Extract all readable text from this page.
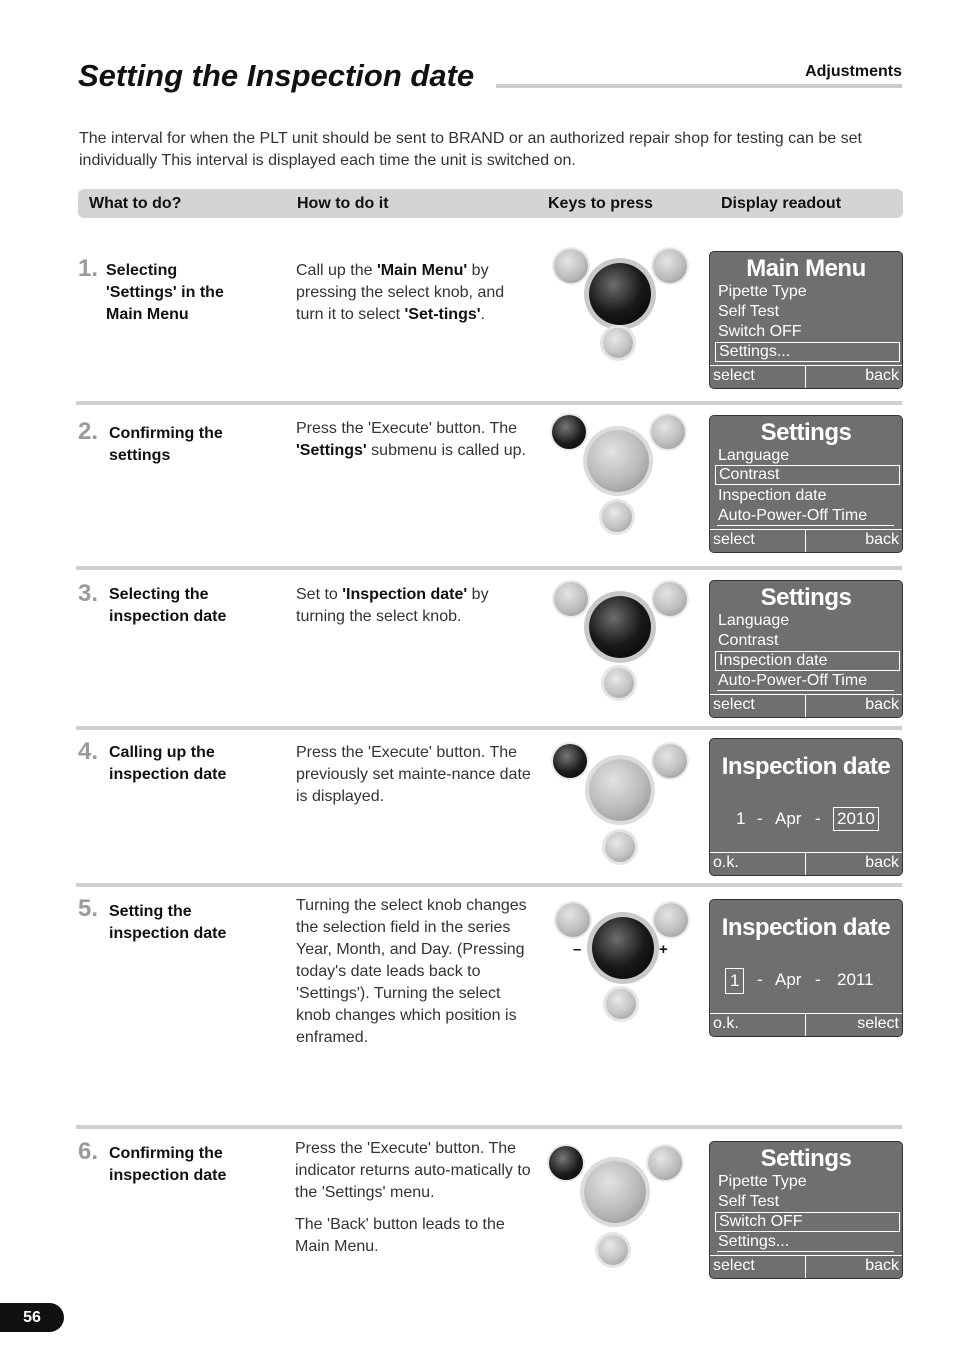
Setting the Inspection date	Adjustments
The interval for when the PLT unit should be sent to BRAND or an authorized repair shop for testing can be set individually This interval is displayed each time the unit is switched on.
What to do?	How to do it	Keys to press	Display readout
1. Selecting
'Settings' in the
Main Menu
Call up the 'Main Menu' by pressing the select knob, and turn it to select 'Set-tings'.
Main Menu
Pipette Type
Self Test
Switch OFF
Settings...
select	back
2. Confirming the
settings
Press the 'Execute' button. The 'Settings' submenu is called up.
Settings
Language
Contrast
Inspection date
Auto-Power-Off Time
select	back
3. Selecting the
inspection date
Set to 'Inspection date' by turning the select knob.
Settings
Language
Contrast
Inspection date
Auto-Power-Off Time
select	back
4. Calling up the
inspection date
Press the 'Execute' button. The previously set mainte-nance date is displayed.
Inspection date
1 - Apr - 2010
o.k.	back
5. Setting the
inspection date
Turning the select knob changes the selection field in the series Year, Month, and Day. (Pressing today's date leads back to 'Settings'). Turning the select knob changes which position is enframed.
–	+
Inspection date
1 - Apr - 2011
o.k.	select
6. Confirming the
inspection date

Press the 'Execute' button. The indicator returns auto-matically to the 'Settings' menu.

The 'Back' button leads to the Main Menu.

Settings
Pipette Type
Self Test
Switch OFF
Settings...
select	back
56
